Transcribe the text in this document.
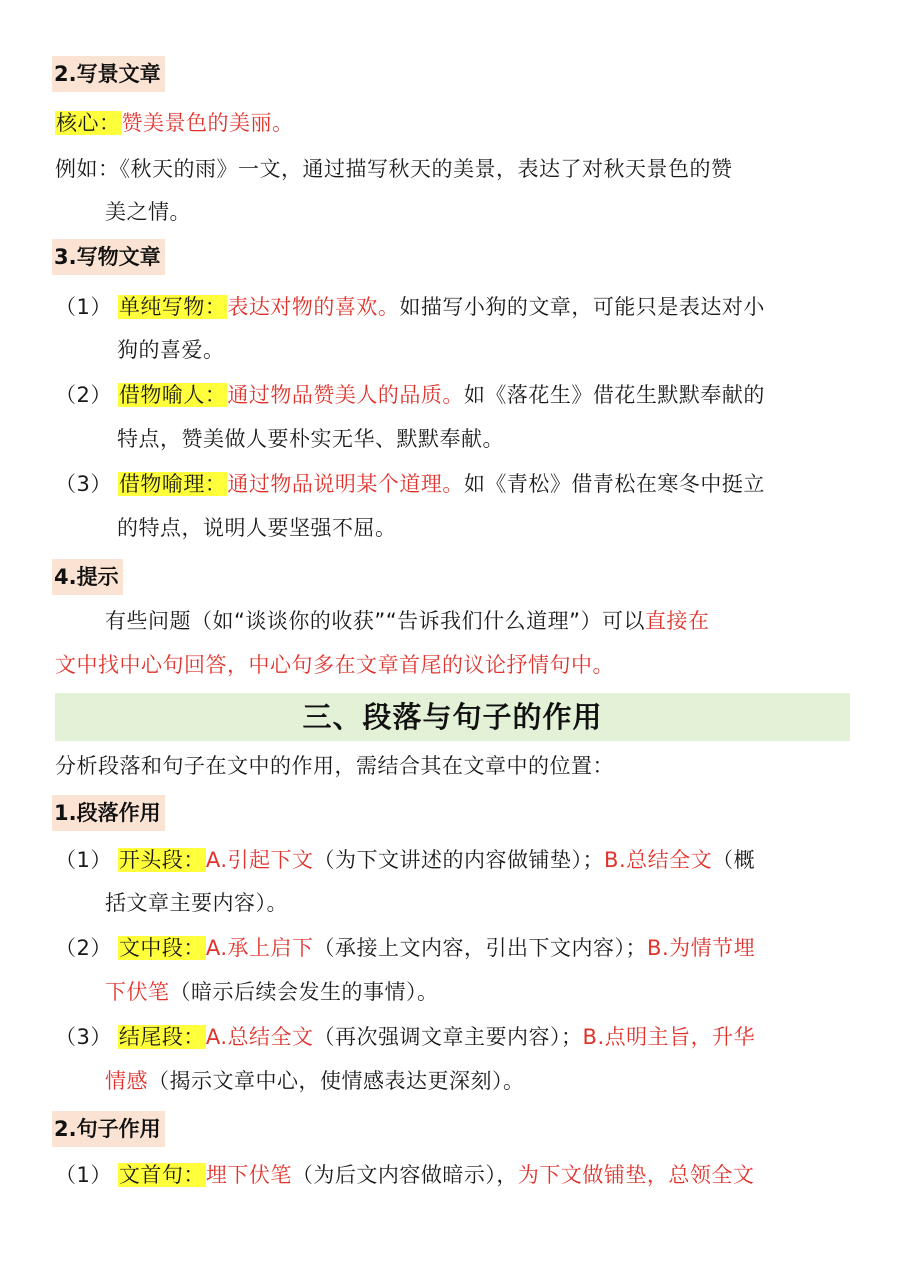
2.写景文章
核心：赞美景色的美丽。
例如：《秋天的雨》一文，通过描写秋天的美景，表达了对秋天景色的赞
美之情。
3.写物文章
（1） 单纯写物：表达对物的喜欢。如描写小狗的文章，可能只是表达对小
狗的喜爱。
（2） 借物喻人：通过物品赞美人的品质。如《落花生》借花生默默奉献的
特点，赞美做人要朴实无华、默默奉献。
（3） 借物喻理：通过物品说明某个道理。如《青松》借青松在寒冬中挺立
的特点，说明人要坚强不屈。
4.提示
有些问题（如“谈谈你的收获”“告诉我们什么道理”）可以直接在
文中找中心句回答，中心句多在文章首尾的议论抒情句中。
三、段落与句子的作用
分析段落和句子在文中的作用，需结合其在文章中的位置：
1.段落作用
（1） 开头段：A.引起下文（为下文讲述的内容做铺垫）；B.总结全文（概
括文章主要内容）。
（2） 文中段：A.承上启下（承接上文内容，引出下文内容）；B.为情节埋
下伏笔（暗示后续会发生的事情）。
（3） 结尾段：A.总结全文（再次强调文章主要内容）；B.点明主旨，升华
情感（揭示文章中心，使情感表达更深刻）。
2.句子作用
（1） 文首句：埋下伏笔（为后文内容做暗示），为下文做铺垫，总领全文
